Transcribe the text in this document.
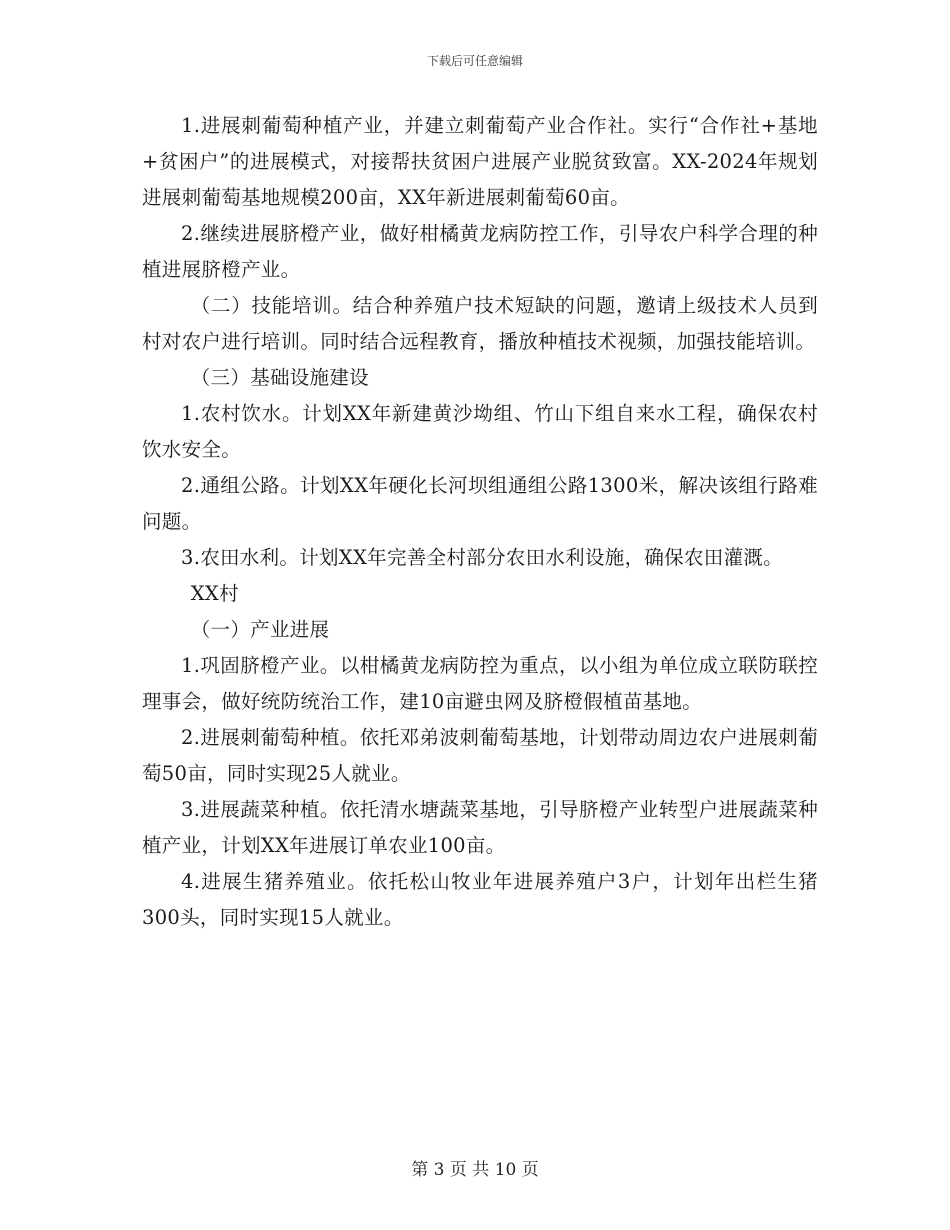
下载后可任意编辑

1.进展刺葡萄种植产业，并建立刺葡萄产业合作社。实行“合作社+基地+贫困户”的进展模式，对接帮扶贫困户进展产业脱贫致富。XX-2024年规划进展刺葡萄基地规模200亩，XX年新进展刺葡萄60亩。

2.继续进展脐橙产业，做好柑橘黄龙病防控工作，引导农户科学合理的种植进展脐橙产业。

（二）技能培训。结合种养殖户技术短缺的问题，邀请上级技术人员到村对农户进行培训。同时结合远程教育，播放种植技术视频，加强技能培训。

（三）基础设施建设

1.农村饮水。计划XX年新建黄沙坳组、竹山下组自来水工程，确保农村饮水安全。

2.通组公路。计划XX年硬化长河坝组通组公路1300米，解决该组行路难问题。

3.农田水利。计划XX年完善全村部分农田水利设施，确保农田灌溉。

XX村

（一）产业进展

1.巩固脐橙产业。以柑橘黄龙病防控为重点，以小组为单位成立联防联控理事会，做好统防统治工作，建10亩避虫网及脐橙假植苗基地。

2.进展刺葡萄种植。依托邓弟波刺葡萄基地，计划带动周边农户进展刺葡萄50亩，同时实现25人就业。

3.进展蔬菜种植。依托清水塘蔬菜基地，引导脐橙产业转型户进展蔬菜种植产业，计划XX年进展订单农业100亩。

4.进展生猪养殖业。依托松山牧业年进展养殖户3户，计划年出栏生猪300头，同时实现15人就业。

第 3 页 共 10 页
